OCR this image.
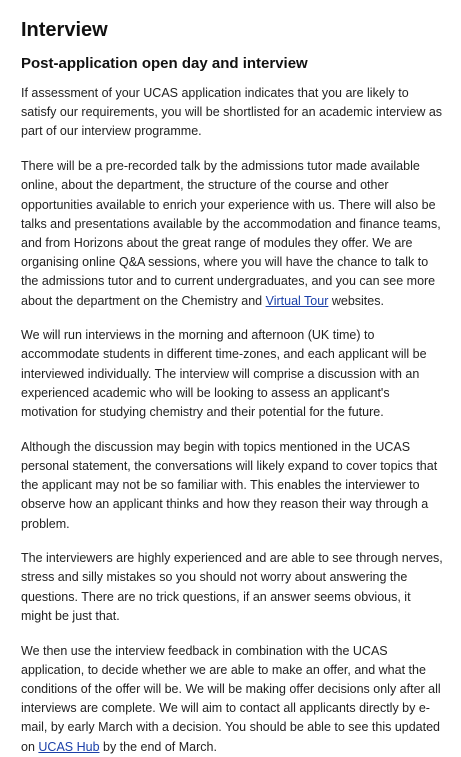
Interview
Post-application open day and interview

If assessment of your UCAS application indicates that you are likely to satisfy our requirements, you will be shortlisted for an academic interview as part of our interview programme.

There will be a pre-recorded talk by the admissions tutor made available online, about the department, the structure of the course and other opportunities available to enrich your experience with us. There will also be talks and presentations available by the accommodation and finance teams, and from Horizons about the great range of modules they offer. We are organising online Q&A sessions, where you will have the chance to talk to the admissions tutor and to current undergraduates, and you can see more about the department on the Chemistry and Virtual Tour websites.

We will run interviews in the morning and afternoon (UK time) to accommodate students in different time-zones, and each applicant will be interviewed individually. The interview will comprise a discussion with an experienced academic who will be looking to assess an applicant's motivation for studying chemistry and their potential for the future.

Although the discussion may begin with topics mentioned in the UCAS personal statement, the conversations will likely expand to cover topics that the applicant may not be so familiar with. This enables the interviewer to observe how an applicant thinks and how they reason their way through a problem.

The interviewers are highly experienced and are able to see through nerves, stress and silly mistakes so you should not worry about answering the questions. There are no trick questions, if an answer seems obvious, it might be just that.

We then use the interview feedback in combination with the UCAS application, to decide whether we are able to make an offer, and what the conditions of the offer will be. We will be making offer decisions only after all interviews are complete. We will aim to contact all applicants directly by e-mail, by early March with a decision. You should be able to see this updated on UCAS Hub by the end of March.
